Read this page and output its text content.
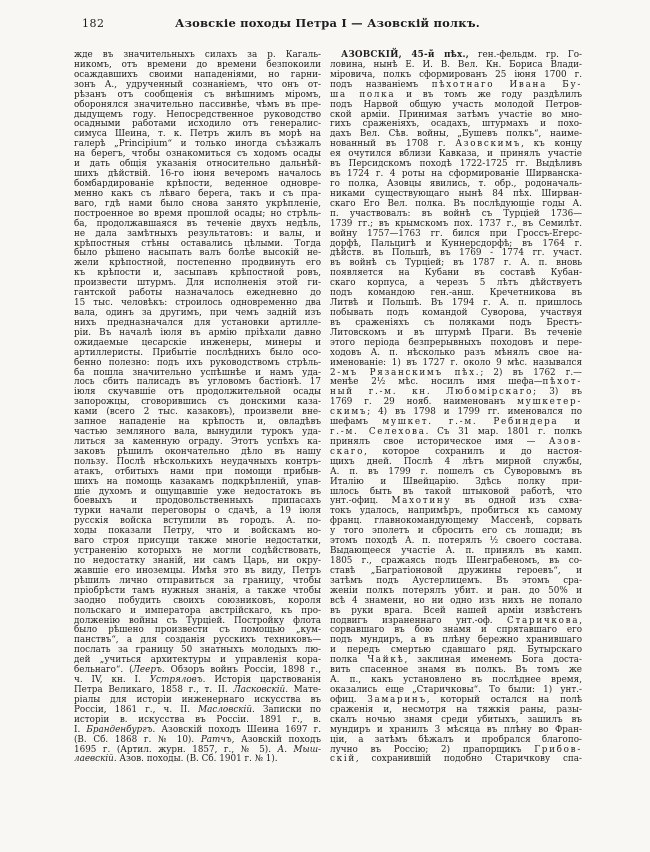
182	Азовскіе походы Петра I — Азовскій полкъ.
жде въ значительныхъ силахъ за р. Кагаль-
никомъ, отъ времени до времени безпокоили
осаждавшихъ своими нападеніями, но гарни-
зонъ А., удрученный сознаніемъ, что онъ от-
рѣзанъ отъ сообщенія съ внѣшнимъ міромъ,
оборонялся значительно пассивнѣе, чѣмъ въ пре-
дыдущемъ году. Непосредственное руководство
осадными работами исходило отъ генералис-
симуса Шеина, т. к. Петръ жилъ въ морѣ на
галерѣ „Principium“ и только иногда съѣзжалъ
на берегъ, чтобы ознакомиться съ ходомъ осады
и дать общія указанія относительно дальнѣй-
шихъ дѣйствій. 16-го іюня вечеромъ началось
бомбардированіе крѣпости, веденное одновре-
менно какъ съ лѣваго берега, такъ и съ пра-
ваго, гдѣ нами было снова занято укрѣпленіе,
построенное во время прошлой осады; но стрѣль-
ба, продолжавшаяся въ теченіе двухъ недѣль,
не дала замѣтныхъ результатовъ: и валы, и
крѣпостныя стѣны оставались цѣлыми. Тогда
было рѣшено насыпать валъ болѣе высокій не-
жели крѣпостной, постепенно продвинуть его
къ крѣпости и, засыпавъ крѣпостной ровъ,
произвести штурмъ. Для исполненія этой ги-
гантской работы назначалось ежедневно до
15 тыс. человѣкъ: строилось одновременно два
вала, одинъ за другимъ, при чемъ задній изъ
нихъ предназначался для установки артилле-
ріи. Въ началѣ іюля въ армію пріѣхали давно
ожидаемые цесарскіе инженеры, минеры и
артиллеристы. Прибытіе послѣднихъ было осо-
бенно полезно: подъ ихъ руководствомъ стрѣль-
ба пошла значительно успѣшнѣе и намъ уда-
лось сбить палисадъ въ угловомъ бастіонѣ. 17
іюля скучавшіе отъ продолжительной осады
запорожцы, сговорившись съ донскими каза-
ками (всего 2 тыс. казаковъ), произвели вне-
запное нападеніе на крѣпость и, овладѣвъ
частью земляного вала, вынудили турокъ уда-
литься за каменную ограду. Этотъ успѣхъ ка-
заковъ рѣшилъ окончательно дѣло въ нашу
пользу. Послѣ нѣсколькихъ неудачныхъ контръ-
атакъ, отбитыхъ нами при помощи прибыв-
шихъ на помощь казакамъ подкрѣпленій, упав-
шіе духомъ и ощущавшіе уже недостатокъ въ
боевыхъ и продовольственныхъ припасахъ
турки начали переговоры о сдачѣ, а 19 іюля
русскія войска вступили въ городъ. А. по-
ходы показали Петру, что и войскамъ но-
ваго строя присущи также многіе недостатки,
устраненію которыхъ не могли содѣйствовать,
по недостатку знаній, ни самъ Царь, ни окру-
жавшіе его иноземцы. Имѣя это въ виду, Петръ
рѣшилъ лично отправиться за границу, чтобы
пріобрѣсти тамъ нужныя знанія, а также чтобы
заодно побудить своихъ союзниковъ, короля
польскаго и императора австрійскаго, къ про-
долженію войны съ Турціей. Постройку флота
было рѣшено произвести съ помощью „кум-
панствъ“, а для созданія русскихъ техниковъ—
послать за границу 50 знатныхъ молодыхъ лю-
дей „учиться архитектуры и управленія кора-
бельнаго“. (Лееръ. Обзоръ войнъ Россіи, 1898 г.,
ч. IV, кн. I. Устряловъ. Исторія царствованія
Петра Великаго, 1858 г., т. II. Ласковскій. Мате-
ріалы для исторіи инженернаго искусства въ
Россіи, 1861 г., ч. II. Масловскій. Записки по
исторіи в. искусства въ Россіи. 1891 г., в.
I. Бранденбургъ. Азовскій походъ Шеина 1697 г.
(В. Сб. 1868 г. № 10). Ратчъ, Азовскій походъ
1695 г. (Артил. журн. 1857, г., № 5). А. Мыш-
лаевскій. Азов. походы. (В. Сб. 1901 г. № 1).
АЗОВСКІЙ, 45-й пѣх., ген.-фельдм. гр. Го-
ловина, нынѣ Е. И. В. Вел. Кн. Бориса Влади-
міровича, полкъ сформированъ 25 іюня 1700 г.
подъ названіемъ пѣхотнаго Ивана Бу-
ша полка и въ томъ же году раздѣлилъ
подъ Нарвой общую участь молодой Петров-
ской арміи. Принимая затѣмъ участіе во мно-
гихъ сраженіяхъ, осадахъ, штурмахъ и похо-
дахъ Вел. Сѣв. войны, „Бушевъ полкъ“, наиме-
нованный въ 1708 г. Азовскимъ, къ концу
ея очутился вблизи Кавказа, и принялъ участіе
въ Персидскомъ походѣ 1722-1725 гг. Выдѣливъ
въ 1724 г. 4 роты на сформированіе Ширванска-
го полка, Азовцы явились, т. обр., родоначаль-
никами существующаго нынѣ 84 пѣх. Ширван-
скаго Его Вел. полка. Въ послѣдующіе годы А.
п. участвовалъ: въ войнѣ съ Турціей 1736—
1739 гг.; въ крымскомъ пох. 1737 г., въ Семилѣт.
войну 1757—1763 гг. бился при Гроссъ-Егерс-
дорфѣ, Пальцигѣ и Куннерсдорфѣ; въ 1764 г.
дѣйств. въ Польшѣ, въ 1769 - 1774 гг. участ.
въ войнѣ съ Турціей; въ 1787 г. А. п. вновь
появляется на Кубани въ составѣ Кубан-
скаго корпуса, а черезъ 5 лѣтъ дѣйствуетъ
подъ командою ген.-анш. Кречетникова въ
Литвѣ и Польшѣ. Въ 1794 г. А. п. пришлось
побывать подъ командой Суворова, участвуя
въ сраженіяхъ съ поляками подъ Брестъ-
Литовскомъ и въ штурмѣ Праги. Въ теченіе
этого періода безпрерывныхъ походовъ и пере-
ходовъ А. п. нѣсколько разъ мѣнялъ свое на-
именованіе: 1) въ 1727 г. около 9 мѣс. назывался
2-мъ Рязанскимъ пѣх.; 2) въ 1762 г.—
менѣе 2½ мѣс. носилъ имя шефа—пѣхот-
ный г.-м. кн. Любомірскаго; 3) въ
1769 г. 29 нояб. наименованъ мушкетер-
скимъ; 4) въ 1798 и 1799 гг. именовался по
шефамъ мушкет. г.-м. Ребиндера и
г.-м. Селехова. Съ 31 мар. 1801 г. полкъ
принялъ свое историческое имя — Азов-
скаго, которое сохранилъ и до настоя-
щихъ дней. Послѣ 4 лѣтъ мирной службы,
А. п. въ 1799 г. пошелъ съ Суворовымъ въ
Италію и Швейцарію. Здѣсь полку при-
шлось быть въ такой штыковой работѣ, что
унт.-офиц. Махотину въ одной изъ схва-
токъ удалось, напримѣръ, пробиться къ самому
франц. главнокомандующему Массенѣ, сорвать
у того эполетъ и сбросить его съ лошади; въ
этомъ походѣ А. п. потерялъ ½ своего состава.
Выдающееся участіе А. п. принялъ въ камп.
1805 г., сражаясь подъ Шенграбеномъ, въ со-
ставѣ „Багратіоновой дружины героевъ“, и
затѣмъ подъ Аустерлицемъ. Въ этомъ сра-
женіи полкъ потерялъ убит. и ран. до 50% и
всѣ 4 знамени, но ни одно изъ нихъ не попало
въ руки врага. Всей нашей арміи извѣстенъ
подвигъ израненнаго унт.-оф. Старичкова,
сорвавшаго въ бою знамя и спрятавшаго его
подъ мундиръ, а въ плѣну бережно хранившаго
и передъ смертью сдавшаго ряд. Бутырскаго
полка Чайкѣ, заклиная именемъ Бога доста-
вить спасенное знамя въ полкъ. Въ томъ же
А. п., какъ установлено въ послѣднее время,
оказались еще „Старичковы“. То были: 1) унт.-
офиц. Замаринъ, который остался на полѣ
сраженія и, несмотря на тяжкія раны, разы-
скалъ ночью знамя среди убитыхъ, зашилъ въ
мундиръ и хранилъ 3 мѣсяца въ плѣну во Фран-
ціи, а затѣмъ бѣжалъ и пробрался благопо-
лучно въ Россію; 2) прапорщикъ Грибов-
скій, сохранившій подобно Старичкову спа-
